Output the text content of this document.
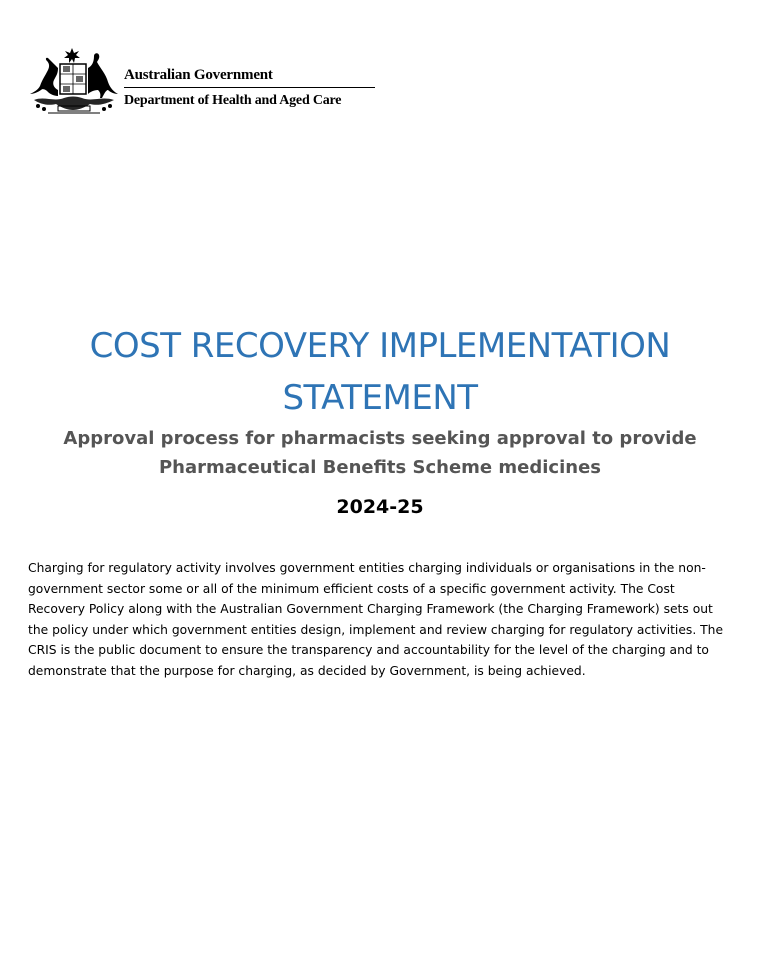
Australian Government
Department of Health and Aged Care
COST RECOVERY IMPLEMENTATION
STATEMENT
Approval process for pharmacists seeking approval to provide
Pharmaceutical Benefits Scheme medicines
2024-25
Charging for regulatory activity involves government entities charging individuals or organisations in the non-
government sector some or all of the minimum efficient costs of a specific government activity. The Cost
Recovery Policy along with the Australian Government Charging Framework (the Charging Framework) sets out
the policy under which government entities design, implement and review charging for regulatory activities. The
CRIS is the public document to ensure the transparency and accountability for the level of the charging and to
demonstrate that the purpose for charging, as decided by Government, is being achieved.
